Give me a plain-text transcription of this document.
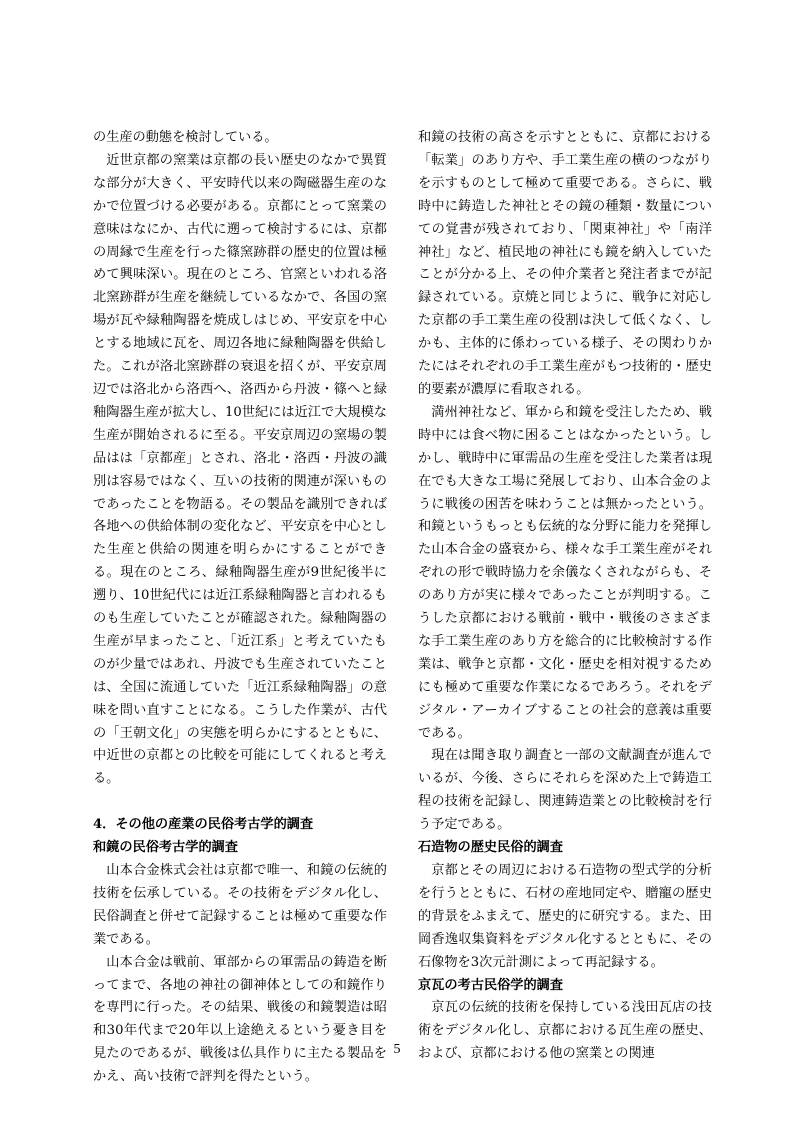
の生産の動態を検討している。

近世京都の窯業は京都の長い歴史のなかで異質な部分が大きく、平安時代以来の陶磁器生産のなかで位置づける必要がある。京都にとって窯業の意味はなにか、古代に遡って検討するには、京都の周縁で生産を行った篠窯跡群の歴史的位置は極めて興味深い。現在のところ、官窯といわれる洛北窯跡群が生産を継続しているなかで、各国の窯場が瓦や緑釉陶器を焼成しはじめ、平安京を中心とする地域に瓦を、周辺各地に緑釉陶器を供給した。これが洛北窯跡群の衰退を招くが、平安京周辺では洛北から洛西へ、洛西から丹波・篠へと緑釉陶器生産が拡大し、10世紀には近江で大規模な生産が開始されるに至る。平安京周辺の窯場の製品はは「京都産」とされ、洛北・洛西・丹波の識別は容易ではなく、互いの技術的関連が深いものであったことを物語る。その製品を識別できれば各地への供給体制の変化など、平安京を中心とした生産と供給の関連を明らかにすることができる。現在のところ、緑釉陶器生産が9世紀後半に遡り、10世紀代には近江系緑釉陶器と言われるものも生産していたことが確認された。緑釉陶器の生産が早まったこと、「近江系」と考えていたものが少量ではあれ、丹波でも生産されていたことは、全国に流通していた「近江系緑釉陶器」の意味を問い直すことになる。こうした作業が、古代の「王朝文化」の実態を明らかにするとともに、中近世の京都との比較を可能にしてくれると考える。

4．その他の産業の民俗考古学的調査
和鏡の民俗考古学的調査

山本合金株式会社は京都で唯一、和鏡の伝統的技術を伝承している。その技術をデジタル化し、民俗調査と併せて記録することは極めて重要な作業である。

山本合金は戦前、軍部からの軍需品の鋳造を断ってまで、各地の神社の御神体としての和鏡作りを専門に行った。その結果、戦後の和鏡製造は昭和30年代まで20年以上途絶えるという憂き目を見たのであるが、戦後は仏具作りに主たる製品をかえ、高い技術で評判を得たという。

和鏡の技術の高さを示すとともに、京都における「転業」のあり方や、手工業生産の横のつながりを示すものとして極めて重要である。さらに、戦時中に鋳造した神社とその鏡の種類・数量についての覚書が残されており、「関東神社」や「南洋神社」など、植民地の神社にも鏡を納入していたことが分かる上、その仲介業者と発注者までが記録されている。京焼と同じように、戦争に対応した京都の手工業生産の役割は決して低くなく、しかも、主体的に係わっている様子、その関わりかたにはそれぞれの手工業生産がもつ技術的・歴史的要素が濃厚に看取される。

満州神社など、軍から和鏡を受注したため、戦時中には食べ物に困ることはなかったという。しかし、戦時中に軍需品の生産を受注した業者は現在でも大きな工場に発展しており、山本合金のように戦後の困苦を味わうことは無かったという。和鏡というもっとも伝統的な分野に能力を発揮した山本合金の盛衰から、様々な手工業生産がそれぞれの形で戦時協力を余儀なくされながらも、そのあり方が実に様々であったことが判明する。こうした京都における戦前・戦中・戦後のさまざまな手工業生産のあり方を総合的に比較検討する作業は、戦争と京都・文化・歴史を相対視するためにも極めて重要な作業になるであろう。それをデジタル・アーカイブすることの社会的意義は重要である。

現在は聞き取り調査と一部の文献調査が進んでいるが、今後、さらにそれらを深めた上で鋳造工程の技術を記録し、関連鋳造業との比較検討を行う予定である。

石造物の歴史民俗的調査

京都とその周辺における石造物の型式学的分析を行うとともに、石材の産地同定や、贈寵の歴史的背景をふまえて、歴史的に研究する。また、田岡香逸収集資料をデジタル化するとともに、その石像物を3次元計測によって再記録する。

京瓦の考古民俗学的調査

京瓦の伝統的技術を保持している浅田瓦店の技術をデジタル化し、京都における瓦生産の歴史、および、京都における他の窯業との関連

5
